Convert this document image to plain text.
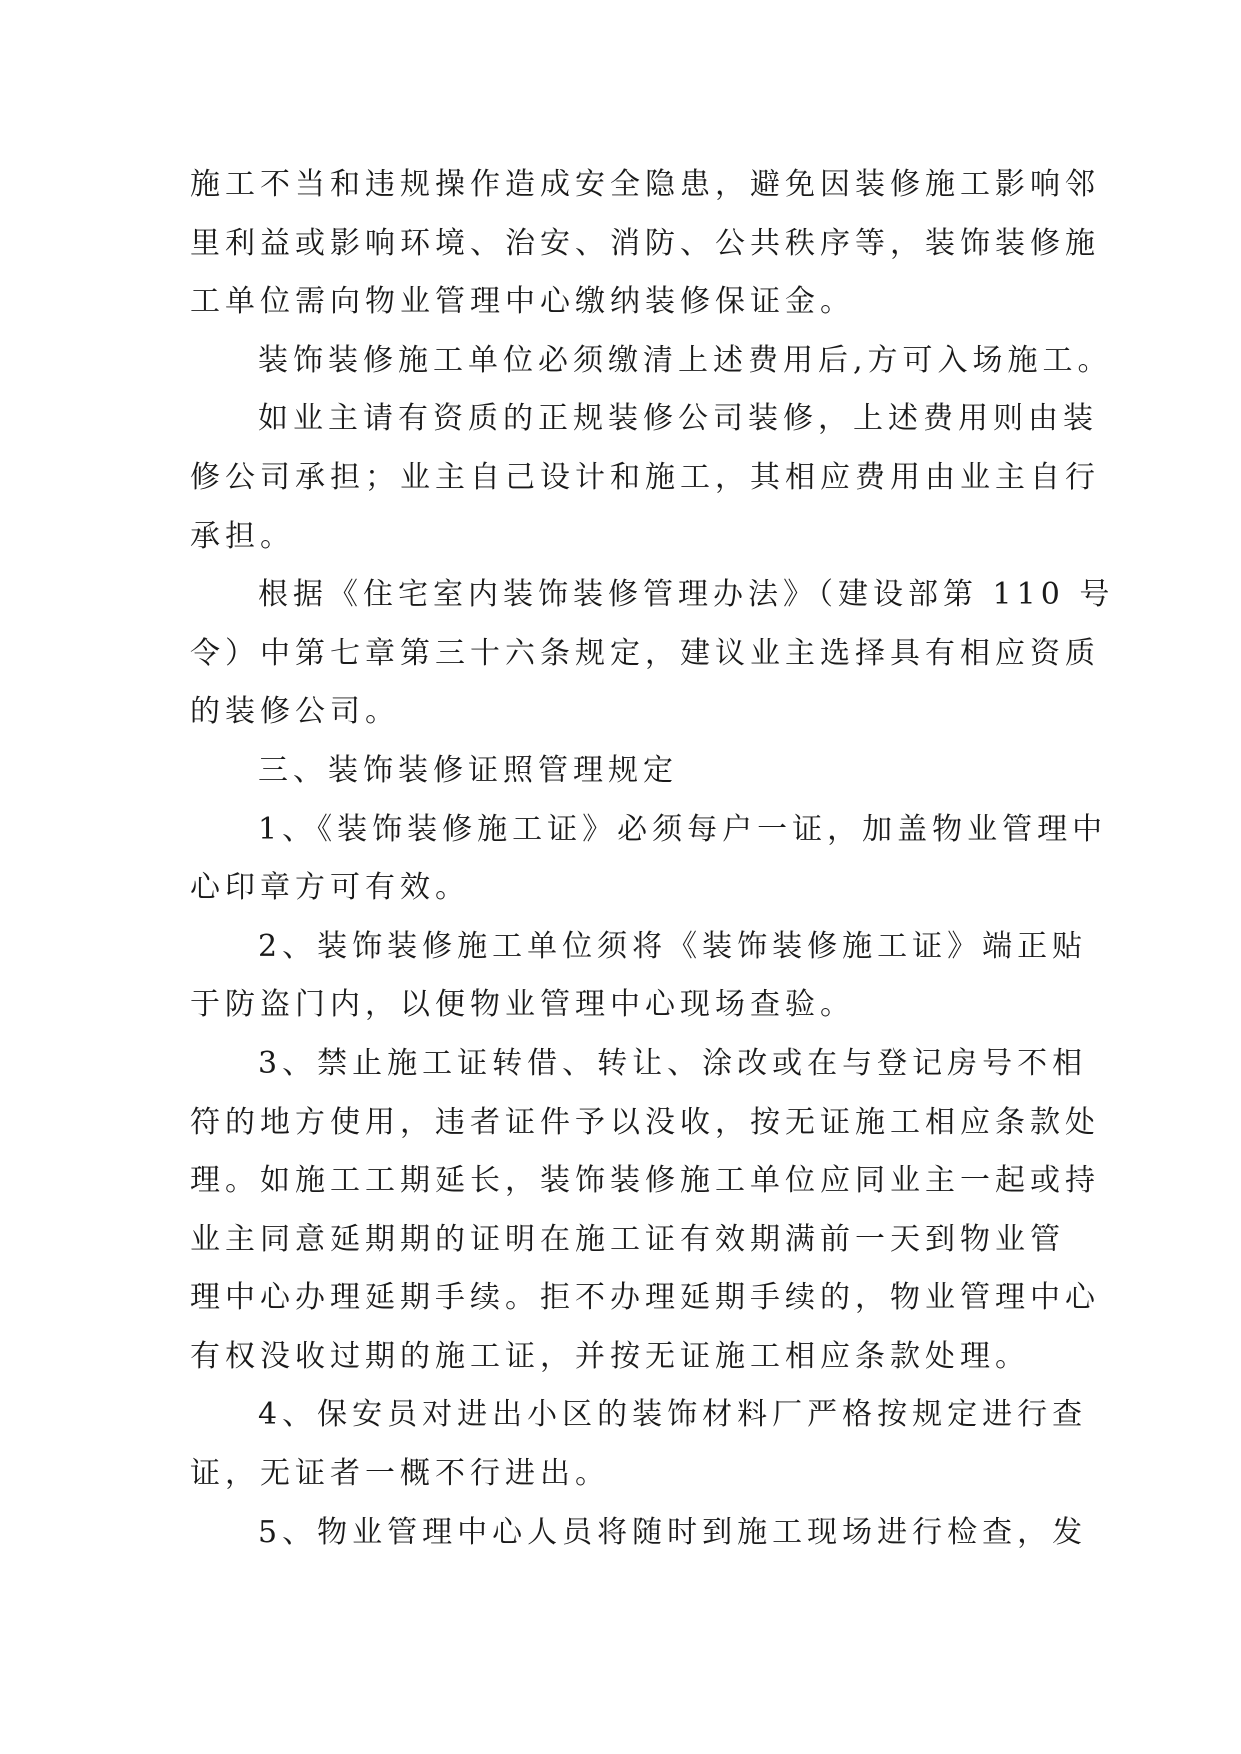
施工不当和违规操作造成安全隐患，避免因装修施工影响邻
里利益或影响环境、治安、消防、公共秩序等，装饰装修施
工单位需向物业管理中心缴纳装修保证金。
装饰装修施工单位必须缴清上述费用后,方可入场施工。
如业主请有资质的正规装修公司装修，上述费用则由装
修公司承担；业主自己设计和施工，其相应费用由业主自行
承担。
根据《住宅室内装饰装修管理办法》（建设部第 110 号
令）中第七章第三十六条规定，建议业主选择具有相应资质
的装修公司。
三、装饰装修证照管理规定
1、《装饰装修施工证》必须每户一证，加盖物业管理中
心印章方可有效。
2、装饰装修施工单位须将《装饰装修施工证》端正贴
于防盗门内，以便物业管理中心现场查验。
3、禁止施工证转借、转让、涂改或在与登记房号不相
符的地方使用，违者证件予以没收，按无证施工相应条款处
理。如施工工期延长，装饰装修施工单位应同业主一起或持
业主同意延期期的证明在施工证有效期满前一天到物业管
理中心办理延期手续。拒不办理延期手续的，物业管理中心
有权没收过期的施工证，并按无证施工相应条款处理。
4、保安员对进出小区的装饰材料厂严格按规定进行查
证，无证者一概不行进出。
5、物业管理中心人员将随时到施工现场进行检查，发
